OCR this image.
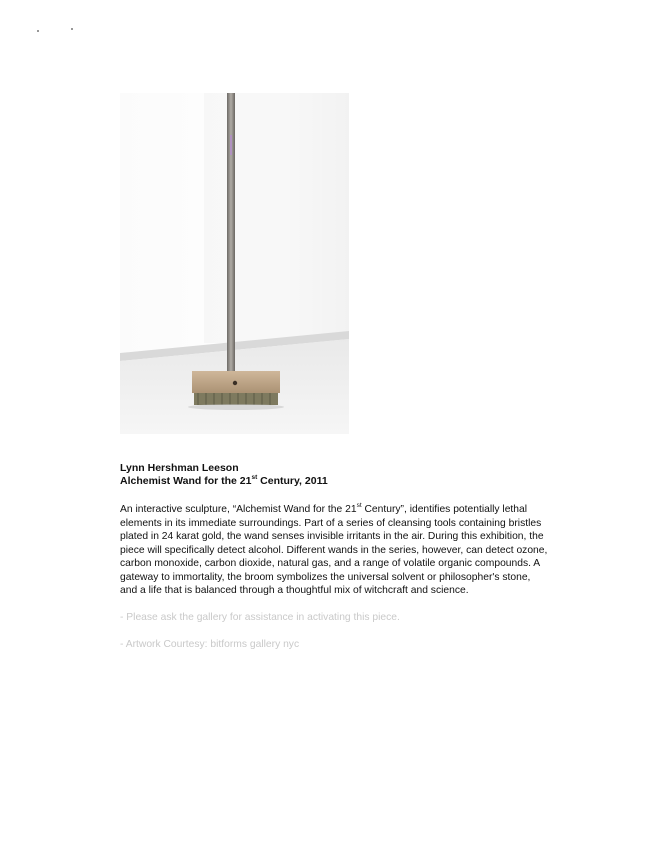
Lynn Hershman Leeson

Alchemist Wand for the 21st Century, 2011

An interactive sculpture, “Alchemist Wand for the 21st Century”, identifies potentially lethal elements in its immediate surroundings. Part of a series of cleansing tools containing bristles plated in 24 karat gold, the wand senses invisible irritants in the air. During this exhibition, the piece will specifically detect alcohol. Different wands in the series, however, can detect ozone, carbon monoxide, carbon dioxide, natural gas, and a range of volatile organic compounds. A gateway to immortality, the broom symbolizes the universal solvent or philosopher's stone, and a life that is balanced through a thoughtful mix of witchcraft and science.

- Please ask the gallery for assistance in activating this piece.

- Artwork Courtesy: bitforms gallery nyc
